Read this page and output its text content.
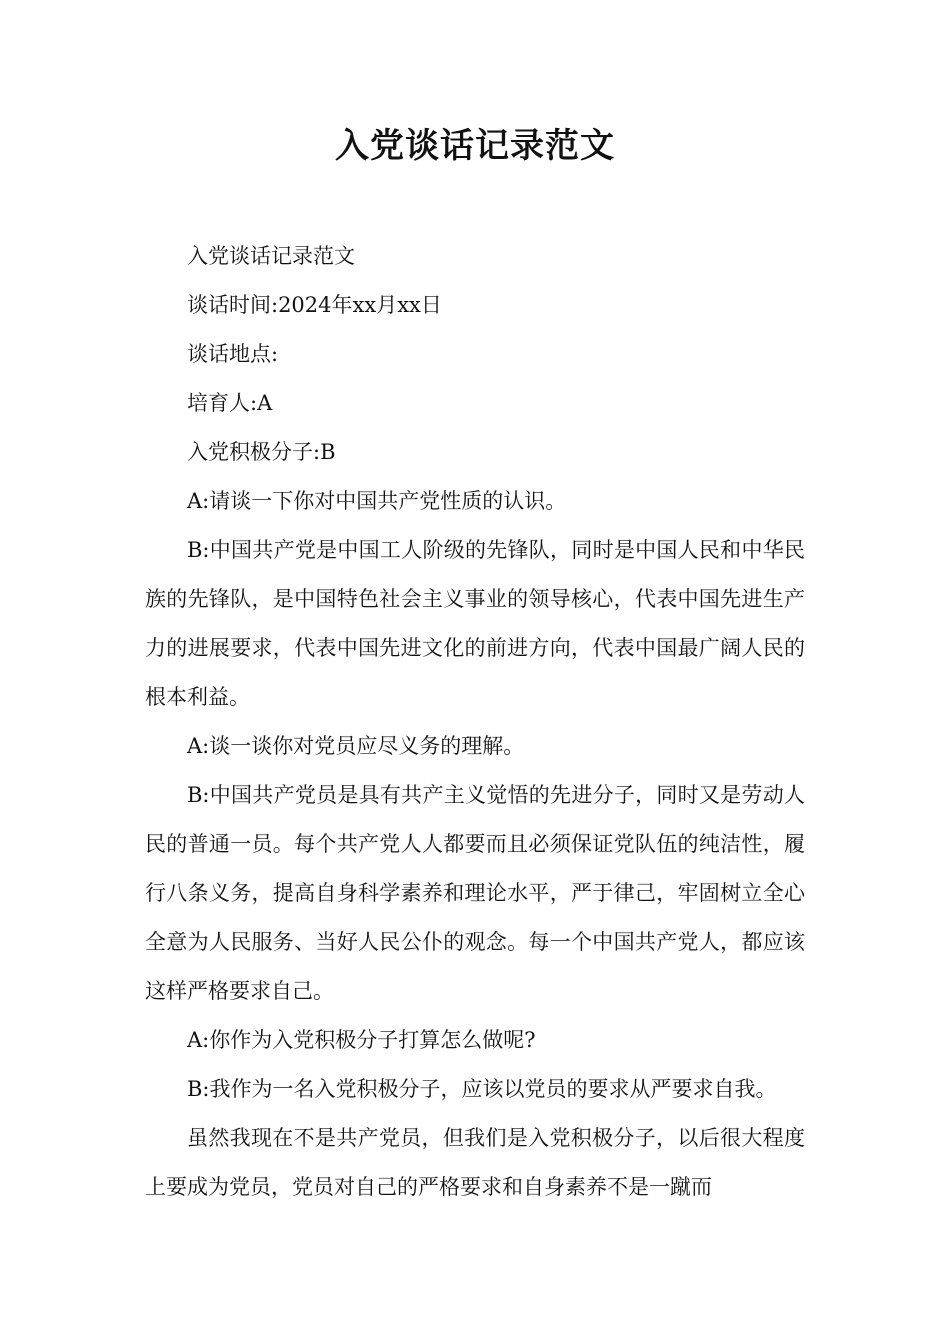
入党谈话记录范文

入党谈话记录范文

谈话时间:2024年xx月xx日

谈话地点:

培育人:A

入党积极分子:B

A:请谈一下你对中国共产党性质的认识。

B:中国共产党是中国工人阶级的先锋队，同时是中国人民和中华民族的先锋队，是中国特色社会主义事业的领导核心，代表中国先进生产力的进展要求，代表中国先进文化的前进方向，代表中国最广阔人民的根本利益。

A:谈一谈你对党员应尽义务的理解。

B:中国共产党员是具有共产主义觉悟的先进分子，同时又是劳动人民的普通一员。每个共产党人人都要而且必须保证党队伍的纯洁性，履行八条义务，提高自身科学素养和理论水平，严于律己，牢固树立全心全意为人民服务、当好人民公仆的观念。每一个中国共产党人，都应该这样严格要求自己。

A:你作为入党积极分子打算怎么做呢?

B:我作为一名入党积极分子，应该以党员的要求从严要求自我。

虽然我现在不是共产党员，但我们是入党积极分子，以后很大程度上要成为党员，党员对自己的严格要求和自身素养不是一蹴而
